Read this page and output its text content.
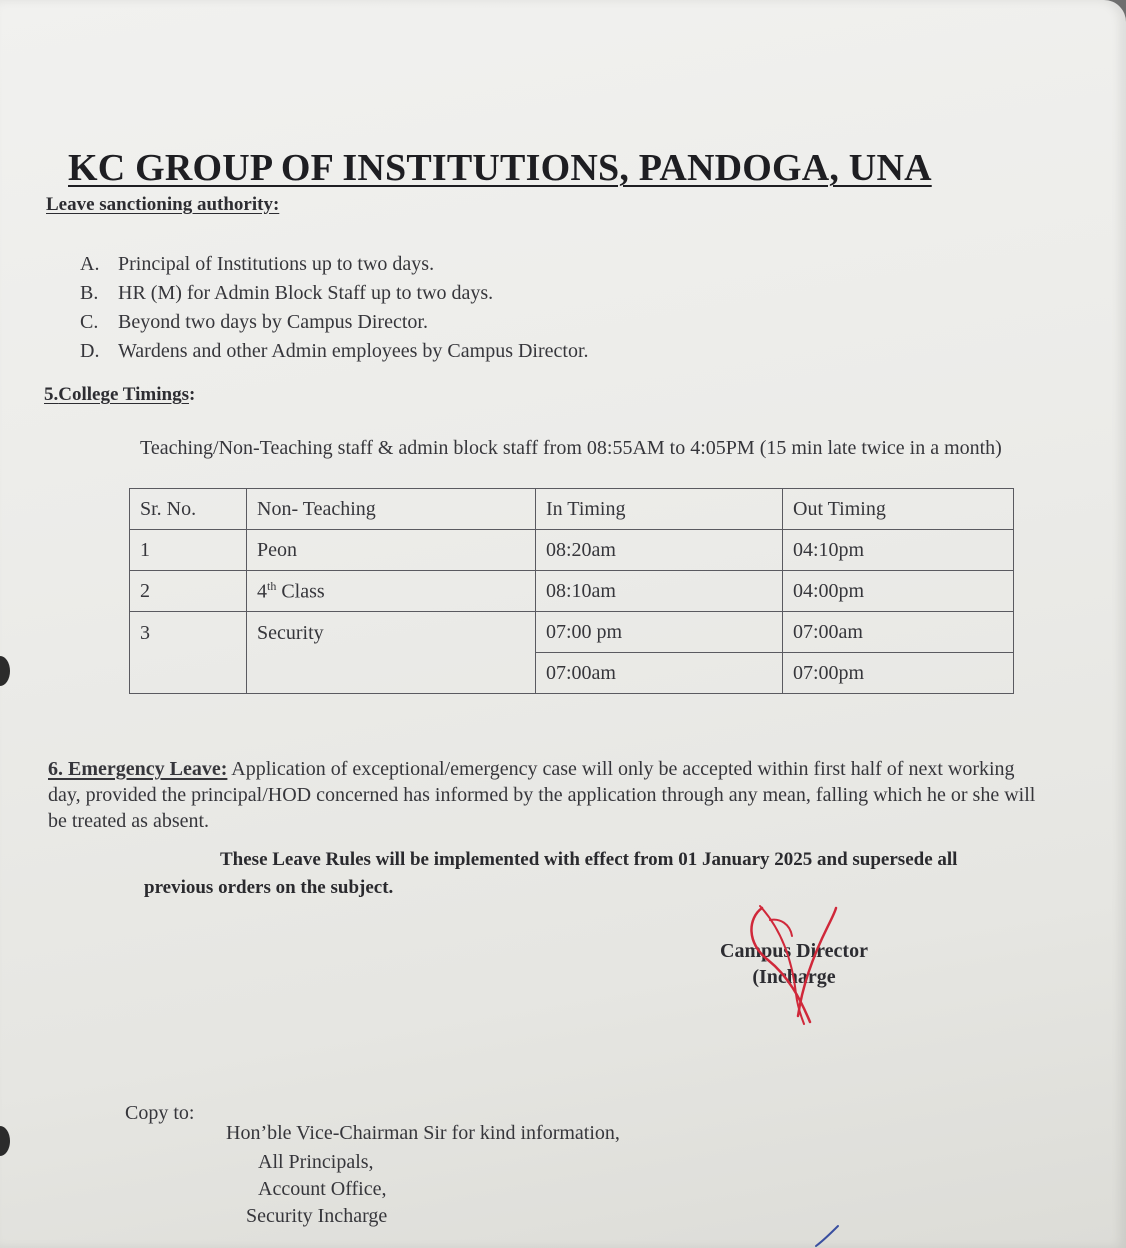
KC GROUP OF INSTITUTIONS, PANDOGA, UNA
Leave sanctioning authority:
A. Principal of Institutions up to two days.
B. HR (M) for Admin Block Staff up to two days.
C. Beyond two days by Campus Director.
D. Wardens and other Admin employees by Campus Director.
5.College Timings:
Teaching/Non-Teaching staff & admin block staff from 08:55AM to 4:05PM (15 min late twice in a month)
Sr. No.	Non- Teaching	In Timing	Out Timing
1	Peon	08:20am	04:10pm
2	4th Class	08:10am	04:00pm
3	Security	07:00 pm	07:00am
		07:00am	07:00pm

6. Emergency Leave: Application of exceptional/emergency case will only be accepted within first half of next working day, provided the principal/HOD concerned has informed by the application through any mean, falling which he or she will be treated as absent.

These Leave Rules will be implemented with effect from 01 January 2025 and supersede all previous orders on the subject.

Campus Director
(Incharge
Copy to:
Hon’ble Vice-Chairman Sir for kind information,
All Principals,
Account Office,
Security Incharge
